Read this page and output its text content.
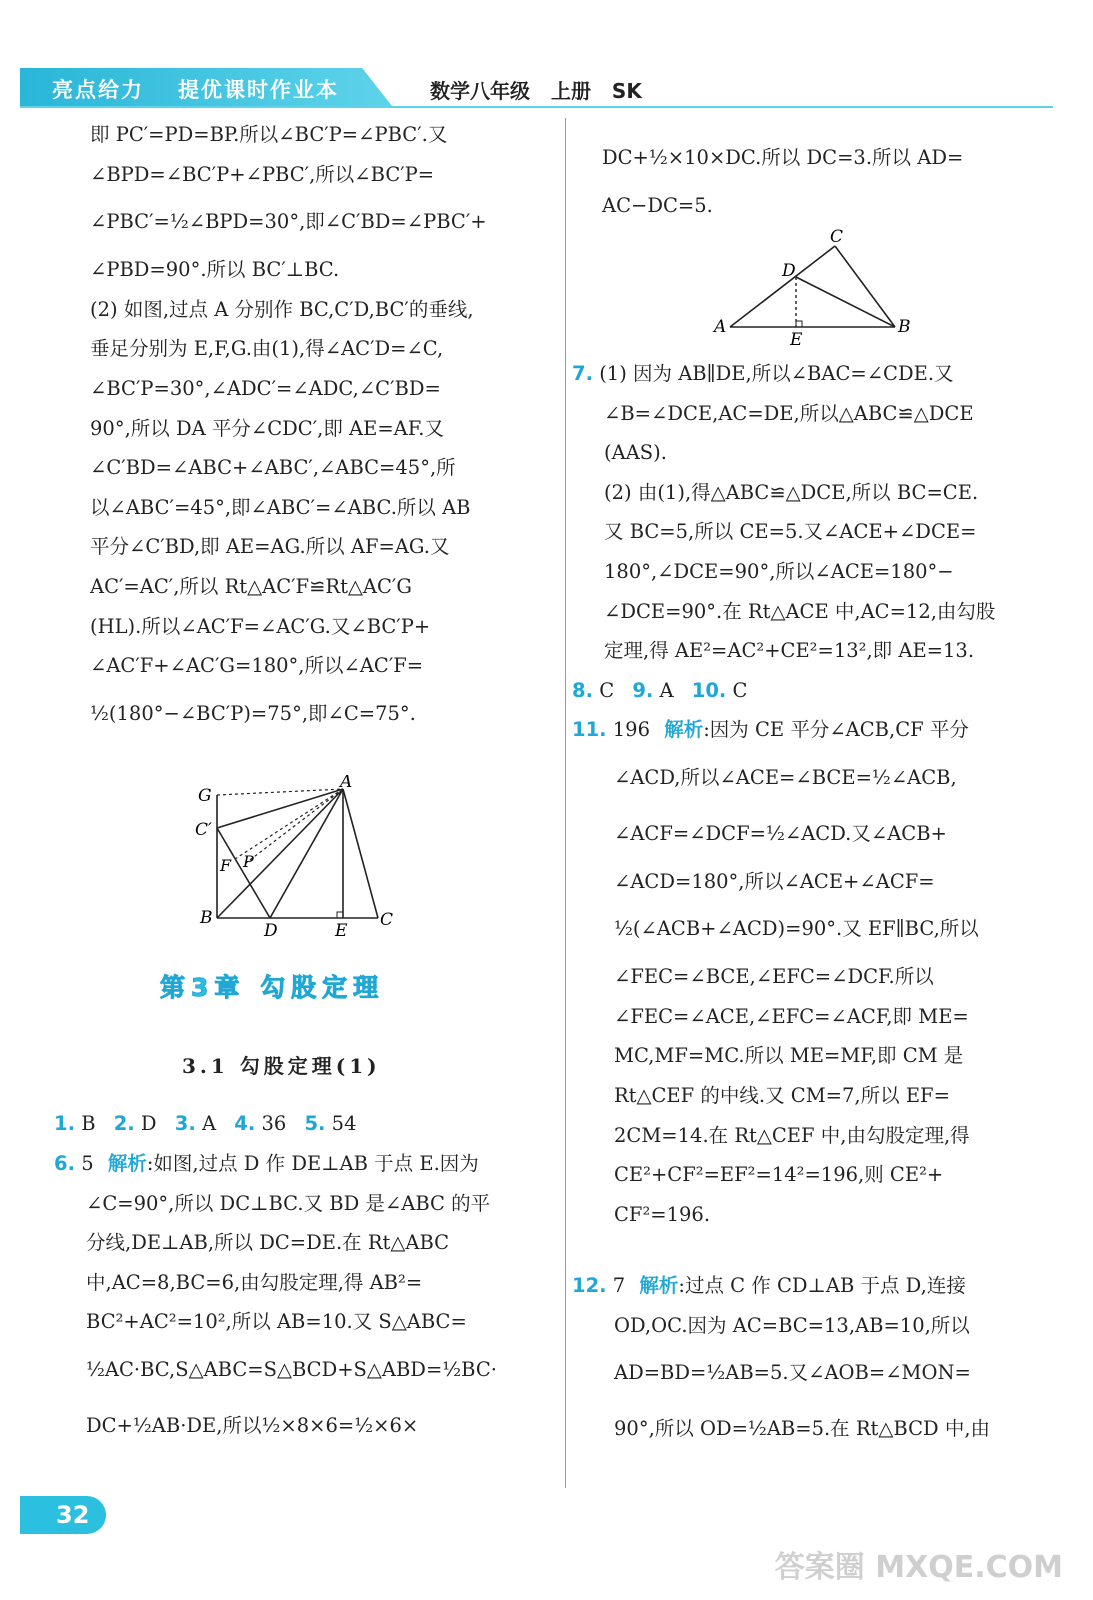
亮点给力 提优课时作业本	数学八年级 上册 SK
即 PC′=PD=BP.所以∠BC′P=∠PBC′.又
∠BPD=∠BC′P+∠PBC′,所以∠BC′P=
∠PBC′=½∠BPD=30°,即∠C′BD=∠PBC′+
∠PBD=90°.所以 BC′⊥BC.
(2) 如图,过点 A 分别作 BC,C′D,BC′的垂线,
垂足分别为 E,F,G.由(1),得∠AC′D=∠C,
∠BC′P=30°,∠ADC′=∠ADC,∠C′BD=
90°,所以 DA 平分∠CDC′,即 AE=AF.又
∠C′BD=∠ABC+∠ABC′,∠ABC=45°,所
以∠ABC′=45°,即∠ABC′=∠ABC.所以 AB
平分∠C′BD,即 AE=AG.所以 AF=AG.又
AC′=AC′,所以 Rt△AC′F≌Rt△AC′G
(HL).所以∠AC′F=∠AC′G.又∠BC′P+
∠AC′F+∠AC′G=180°,所以∠AC′F=
½(180°−∠BC′P)=75°,即∠C=75°.
G
A
C′
F P
B
D	E
C
第3章 勾股定理
3.1 勾股定理(1)
1. B 2. D 3. A 4. 36 5. 54
6. 5 解析:如图,过点 D 作 DE⊥AB 于点 E.因为
∠C=90°,所以 DC⊥BC.又 BD 是∠ABC 的平
分线,DE⊥AB,所以 DC=DE.在 Rt△ABC
中,AC=8,BC=6,由勾股定理,得 AB²=
BC²+AC²=10²,所以 AB=10.又 S△ABC=
½AC·BC,S△ABC=S△BCD+S△ABD=½BC·
DC+½AB·DE,所以½×8×6=½×6×
DC+½×10×DC.所以 DC=3.所以 AD=
AC−DC=5.
C
D
A
E
B
7. (1) 因为 AB∥DE,所以∠BAC=∠CDE.又
∠B=∠DCE,AC=DE,所以△ABC≌△DCE
(AAS).
(2) 由(1),得△ABC≌△DCE,所以 BC=CE.
又 BC=5,所以 CE=5.又∠ACE+∠DCE=
180°,∠DCE=90°,所以∠ACE=180°−
∠DCE=90°.在 Rt△ACE 中,AC=12,由勾股
定理,得 AE²=AC²+CE²=13²,即 AE=13.
8. C 9. A 10. C
11. 196 解析:因为 CE 平分∠ACB,CF 平分
∠ACD,所以∠ACE=∠BCE=½∠ACB,
∠ACF=∠DCF=½∠ACD.又∠ACB+
∠ACD=180°,所以∠ACE+∠ACF=
½(∠ACB+∠ACD)=90°.又 EF∥BC,所以
∠FEC=∠BCE,∠EFC=∠DCF.所以
∠FEC=∠ACE,∠EFC=∠ACF,即 ME=
MC,MF=MC.所以 ME=MF,即 CM 是
Rt△CEF 的中线.又 CM=7,所以 EF=
2CM=14.在 Rt△CEF 中,由勾股定理,得
CE²+CF²=EF²=14²=196,则 CE²+
CF²=196.
12. 7 解析:过点 C 作 CD⊥AB 于点 D,连接
OD,OC.因为 AC=BC=13,AB=10,所以
AD=BD=½AB=5.又∠AOB=∠MON=
90°,所以 OD=½AB=5.在 Rt△BCD 中,由
32
答案圈 MXQE.COM
